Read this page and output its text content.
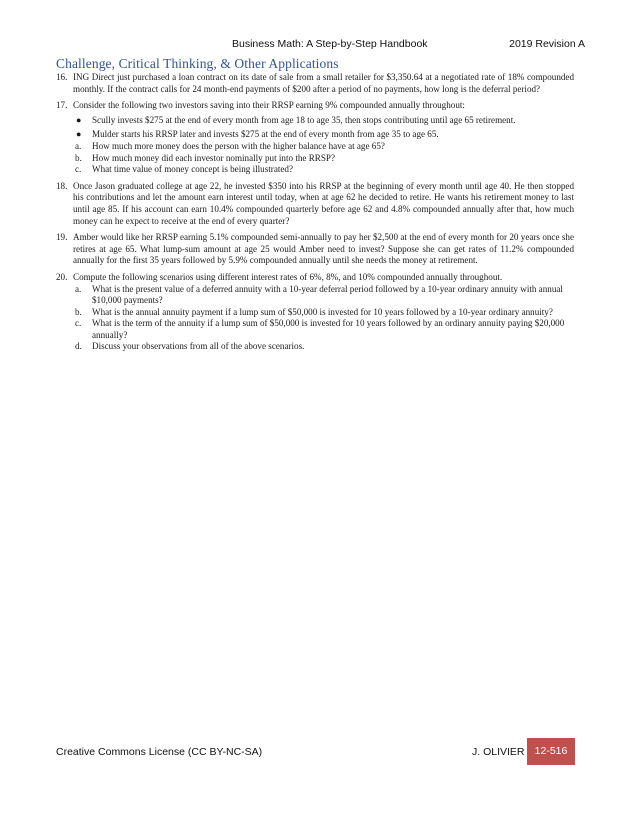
Business Math: A Step-by-Step Handbook	2019 Revision A
Challenge, Critical Thinking, & Other Applications
16. ING Direct just purchased a loan contract on its date of sale from a small retailer for $3,350.64 at a negotiated rate of 18% compounded monthly. If the contract calls for 24 month-end payments of $200 after a period of no payments, how long is the deferral period?
17. Consider the following two investors saving into their RRSP earning 9% compounded annually throughout:
● Scully invests $275 at the end of every month from age 18 to age 35, then stops contributing until age 65 retirement.
● Mulder starts his RRSP later and invests $275 at the end of every month from age 35 to age 65.
a. How much more money does the person with the higher balance have at age 65?
b. How much money did each investor nominally put into the RRSP?
c. What time value of money concept is being illustrated?
18. Once Jason graduated college at age 22, he invested $350 into his RRSP at the beginning of every month until age 40. He then stopped his contributions and let the amount earn interest until today, when at age 62 he decided to retire. He wants his retirement money to last until age 85. If his account can earn 10.4% compounded quarterly before age 62 and 4.8% compounded annually after that, how much money can he expect to receive at the end of every quarter?
19. Amber would like her RRSP earning 5.1% compounded semi-annually to pay her $2,500 at the end of every month for 20 years once she retires at age 65. What lump-sum amount at age 25 would Amber need to invest? Suppose she can get rates of 11.2% compounded annually for the first 35 years followed by 5.9% compounded annually until she needs the money at retirement.
20. Compute the following scenarios using different interest rates of 6%, 8%, and 10% compounded annually throughout.
a. What is the present value of a deferred annuity with a 10-year deferral period followed by a 10-year ordinary annuity with annual $10,000 payments?
b. What is the annual annuity payment if a lump sum of $50,000 is invested for 10 years followed by a 10-year ordinary annuity?
c. What is the term of the annuity if a lump sum of $50,000 is invested for 10 years followed by an ordinary annuity paying $20,000 annually?
d. Discuss your observations from all of the above scenarios.
Creative Commons License (CC BY-NC-SA)	J. OLIVIER 12-516
